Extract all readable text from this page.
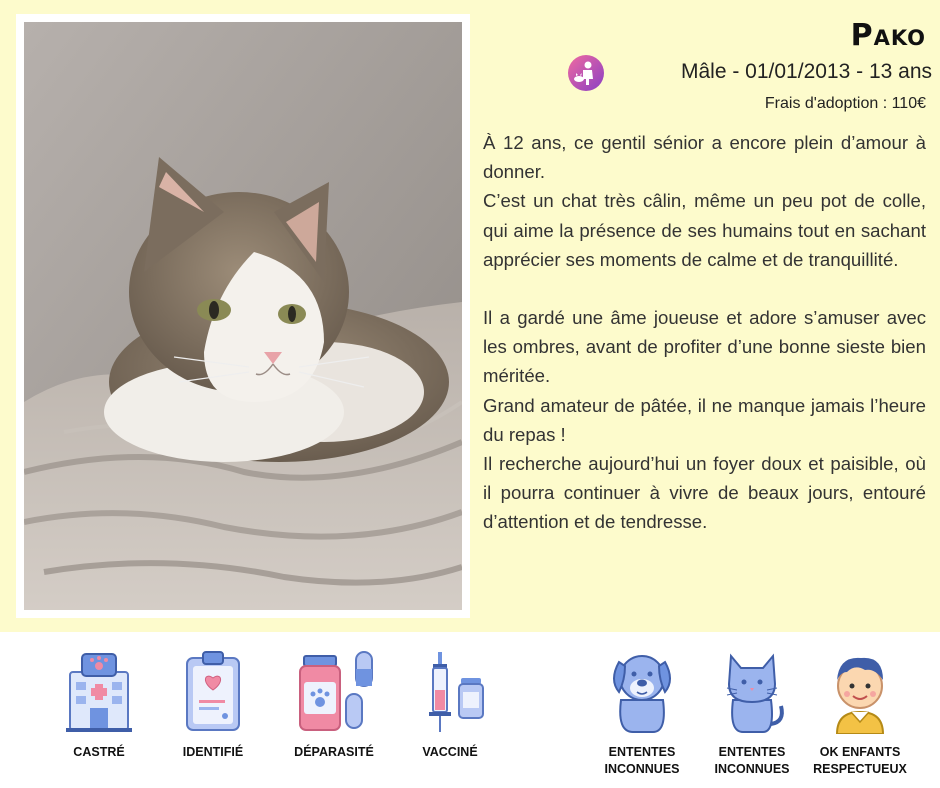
Pako
Mâle - 01/01/2013 - 13 ans
Frais d'adoption : 110€

À 12 ans, ce gentil sénior a encore plein d’amour à donner.

C’est un chat très câlin, même un peu pot de colle, qui aime la présence de ses humains tout en sachant apprécier ses moments de calme et de tranquillité.

Il a gardé une âme joueuse et adore s’amuser avec les ombres, avant de profiter d’une bonne sieste bien méritée.

Grand amateur de pâtée, il ne manque jamais l’heure du repas !

Il recherche aujourd’hui un foyer doux et paisible, où il pourra continuer à vivre de beaux jours, entouré d’attention et de tendresse.

CASTRÉ	IDENTIFIÉ	DÉPARASITÉ	VACCINÉ	ENTENTES
INCONNUES
ENTENTES
INCONNUES
OK ENFANTS
RESPECTUEUX
